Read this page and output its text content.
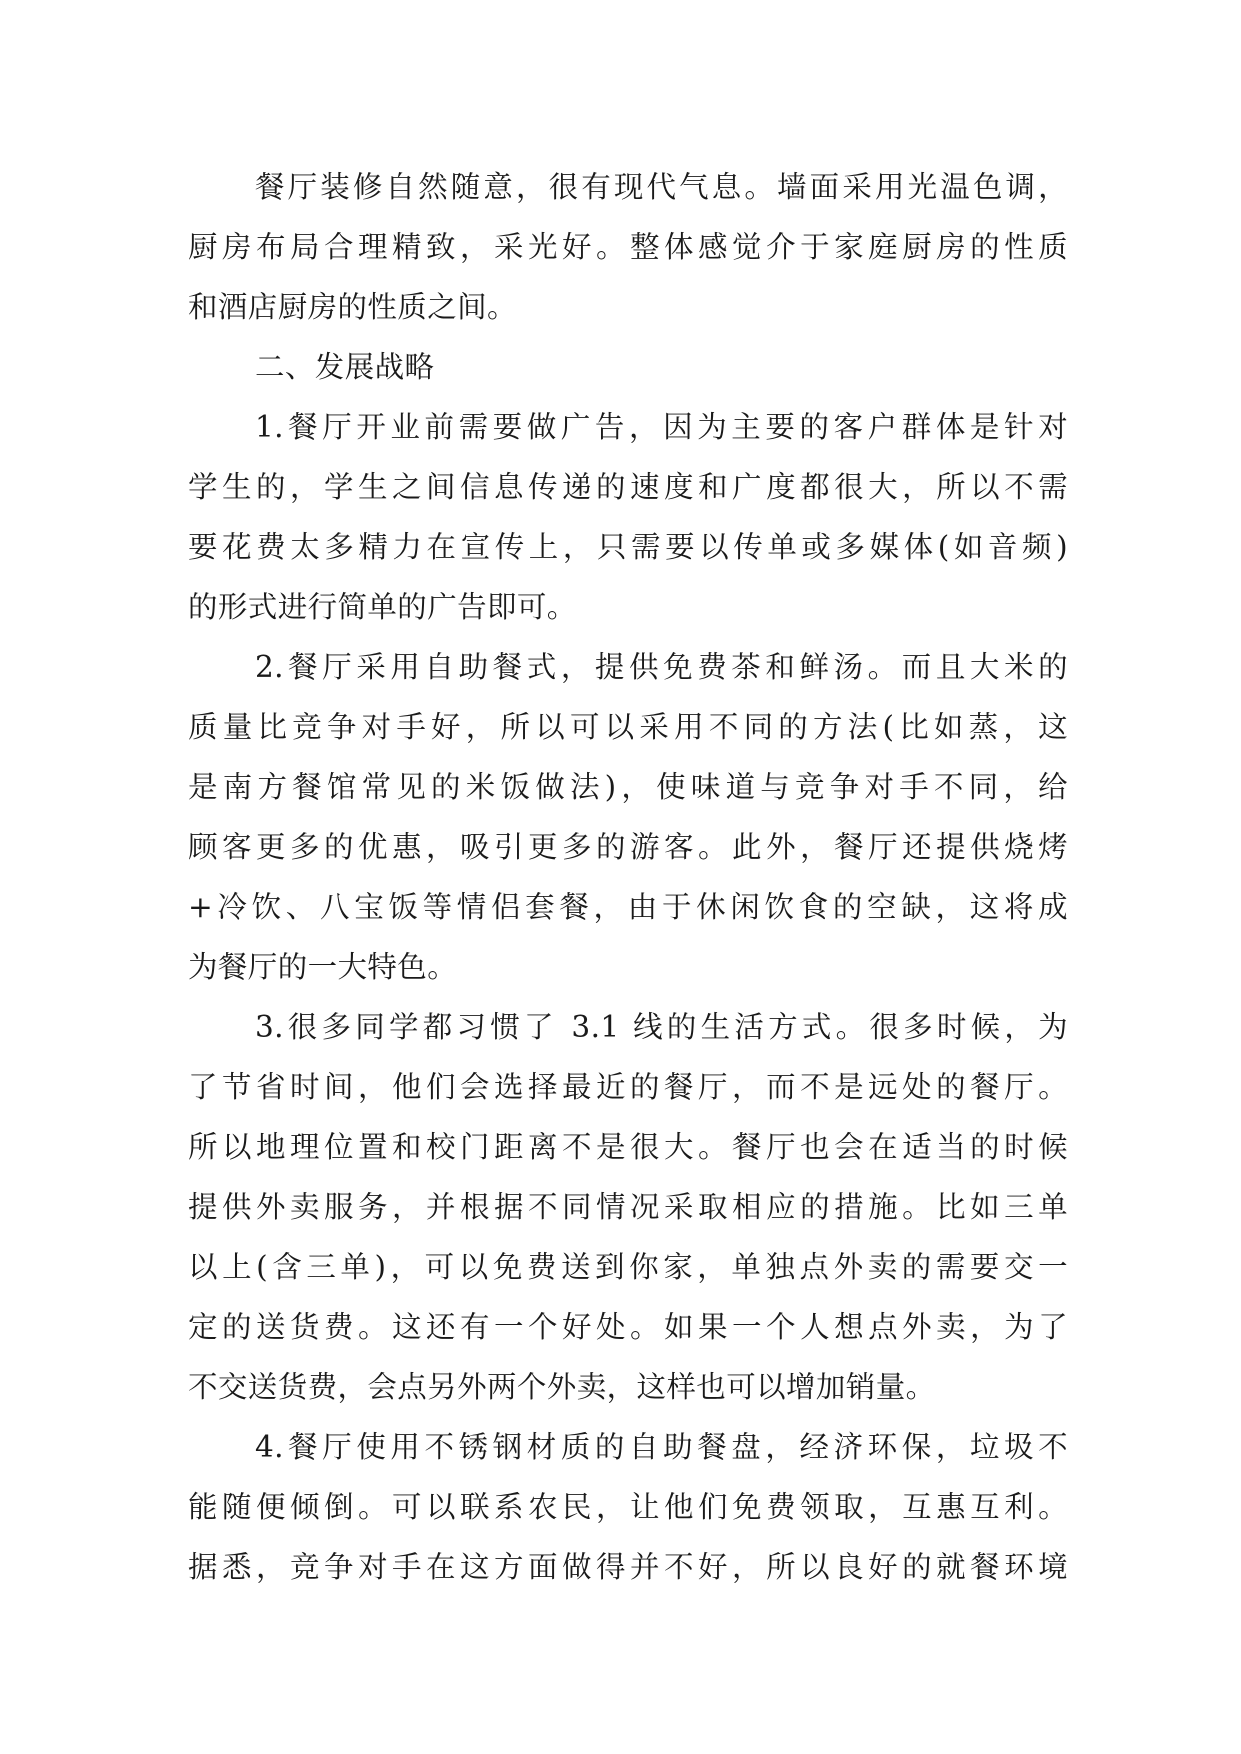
餐厅装修自然随意，很有现代气息。墙面采用光温色调，
厨房布局合理精致，采光好。整体感觉介于家庭厨房的性质
和酒店厨房的性质之间。
二、发展战略
1.餐厅开业前需要做广告，因为主要的客户群体是针对
学生的，学生之间信息传递的速度和广度都很大，所以不需
要花费太多精力在宣传上，只需要以传单或多媒体(如音频)
的形式进行简单的广告即可。
2.餐厅采用自助餐式，提供免费茶和鲜汤。而且大米的
质量比竞争对手好，所以可以采用不同的方法(比如蒸，这
是南方餐馆常见的米饭做法)，使味道与竞争对手不同，给
顾客更多的优惠，吸引更多的游客。此外，餐厅还提供烧烤
+冷饮、八宝饭等情侣套餐，由于休闲饮食的空缺，这将成
为餐厅的一大特色。
3.很多同学都习惯了 3.1 线的生活方式。很多时候，为
了节省时间，他们会选择最近的餐厅，而不是远处的餐厅。
所以地理位置和校门距离不是很大。餐厅也会在适当的时候
提供外卖服务，并根据不同情况采取相应的措施。比如三单
以上(含三单)，可以免费送到你家，单独点外卖的需要交一
定的送货费。这还有一个好处。如果一个人想点外卖，为了
不交送货费，会点另外两个外卖，这样也可以增加销量。
4.餐厅使用不锈钢材质的自助餐盘，经济环保，垃圾不
能随便倾倒。可以联系农民，让他们免费领取，互惠互利。
据悉，竞争对手在这方面做得并不好，所以良好的就餐环境
